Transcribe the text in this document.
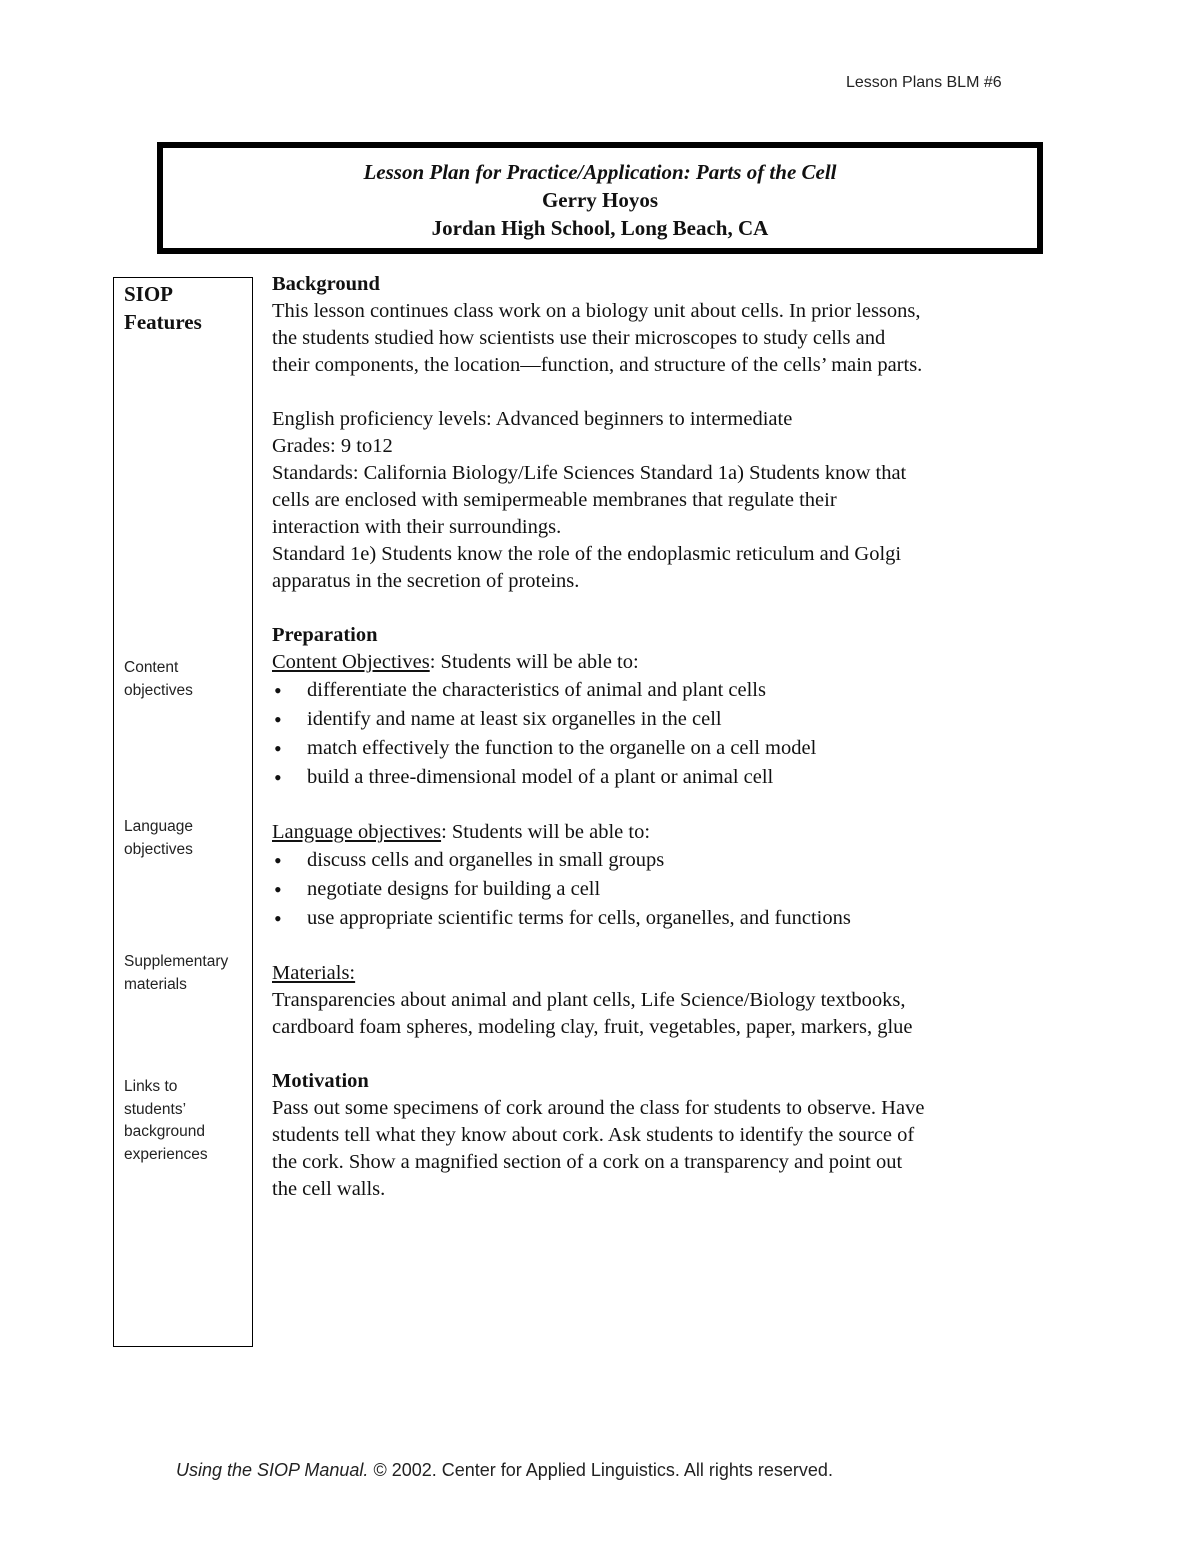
Lesson Plans BLM #6
Lesson Plan for Practice/Application: Parts of the Cell
Gerry Hoyos
Jordan High School, Long Beach, CA
SIOP
Features
Content
objectives
Language
objectives
Supplementary
materials
Links to
students’
background
experiences

Background

This lesson continues class work on a biology unit about cells. In prior lessons,

the students studied how scientists use their microscopes to study cells and

their components, the location—function, and structure of the cells’ main parts.

English proficiency levels: Advanced beginners to intermediate

Grades: 9 to12

Standards: California Biology/Life Sciences Standard 1a) Students know that

cells are enclosed with semipermeable membranes that regulate their

interaction with their surroundings.

Standard 1e) Students know the role of the endoplasmic reticulum and Golgi

apparatus in the secretion of proteins.

Preparation

Content Objectives: Students will be able to:

• differentiate the characteristics of animal and plant cells
• identify and name at least six organelles in the cell
• match effectively the function to the organelle on a cell model
• build a three-dimensional model of a plant or animal cell

Language objectives: Students will be able to:

• discuss cells and organelles in small groups
• negotiate designs for building a cell
• use appropriate scientific terms for cells, organelles, and functions

Materials:

Transparencies about animal and plant cells, Life Science/Biology textbooks,

cardboard foam spheres, modeling clay, fruit, vegetables, paper, markers, glue

Motivation

Pass out some specimens of cork around the class for students to observe. Have

students tell what they know about cork. Ask students to identify the source of

the cork. Show a magnified section of a cork on a transparency and point out

the cell walls.

Using the SIOP Manual. © 2002. Center for Applied Linguistics. All rights reserved.
